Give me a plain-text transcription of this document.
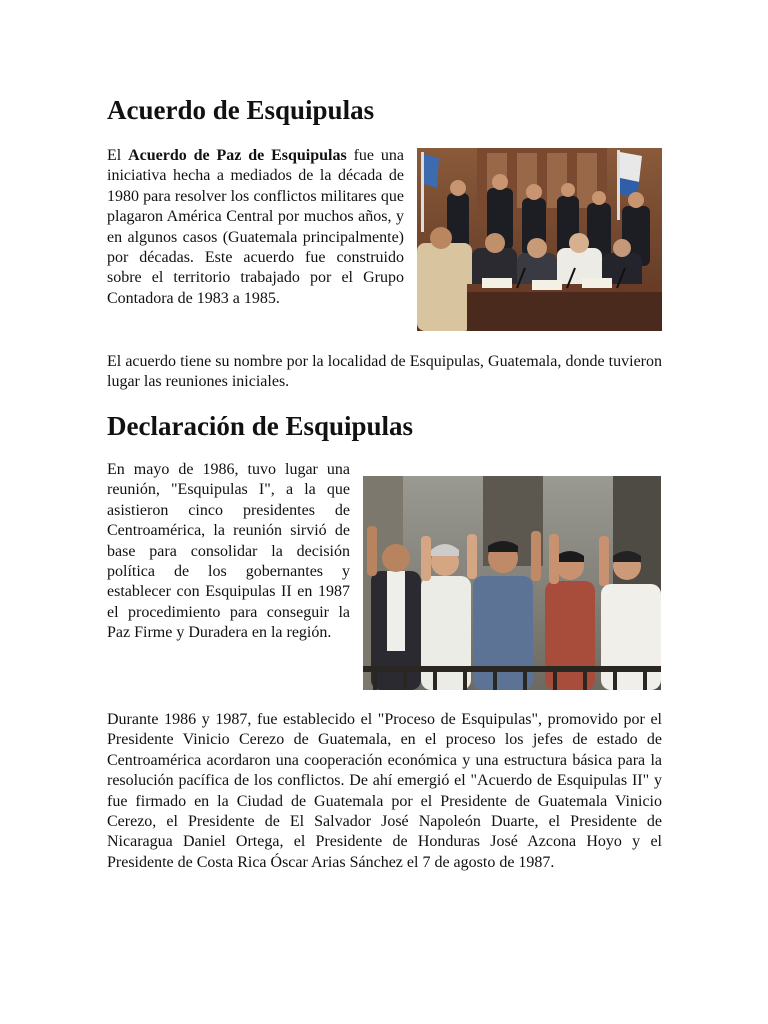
Acuerdo de Esquipulas

El Acuerdo de Paz de Esquipulas fue una iniciativa hecha a mediados de la década de 1980 para resolver los conflictos militares que plagaron América Central por muchos años, y en algunos casos (Guatemala principalmente) por décadas. Este acuerdo fue construido sobre el territorio trabajado por el Grupo Contadora de 1983 a 1985.

El acuerdo tiene su nombre por la localidad de Esquipulas, Guatemala, donde tuvieron lugar las reuniones iniciales.

Declaración de Esquipulas

En mayo de 1986, tuvo lugar una reunión, "Esquipulas I", a la que asistieron cinco presidentes de Centroamérica, la reunión sirvió de base para consolidar la decisión política de los gobernantes y establecer con Esquipulas II en 1987 el procedimiento para conseguir la Paz Firme y Duradera en la región.

Durante 1986 y 1987, fue establecido el "Proceso de Esquipulas", promovido por el Presidente Vinicio Cerezo de Guatemala, en el proceso los jefes de estado de Centroamérica acordaron una cooperación económica y una estructura básica para la resolución pacífica de los conflictos. De ahí emergió el "Acuerdo de Esquipulas II" y fue firmado en la Ciudad de Guatemala por el Presidente de Guatemala Vinicio Cerezo, el Presidente de El Salvador José Napoleón Duarte, el Presidente de Nicaragua Daniel Ortega, el Presidente de Honduras José Azcona Hoyo y el Presidente de Costa Rica Óscar Arias Sánchez el 7 de agosto de 1987.
